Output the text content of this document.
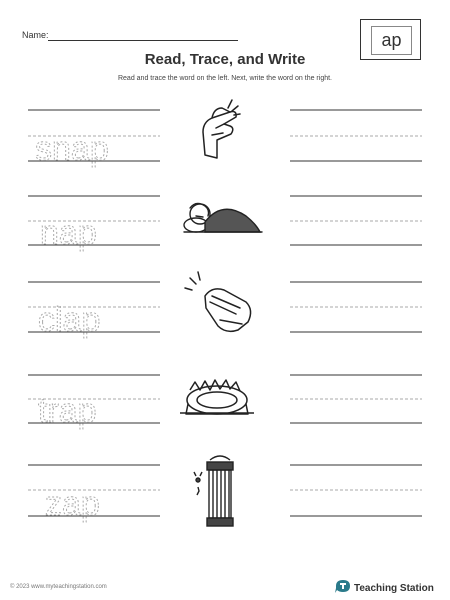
Name:	ap
Read, Trace, and Write
Read and trace the word on the left. Next, write the word on the right.
snap
nap
clap
trap
zap
© 2023 www.myteachingstation.com	Teaching Station
